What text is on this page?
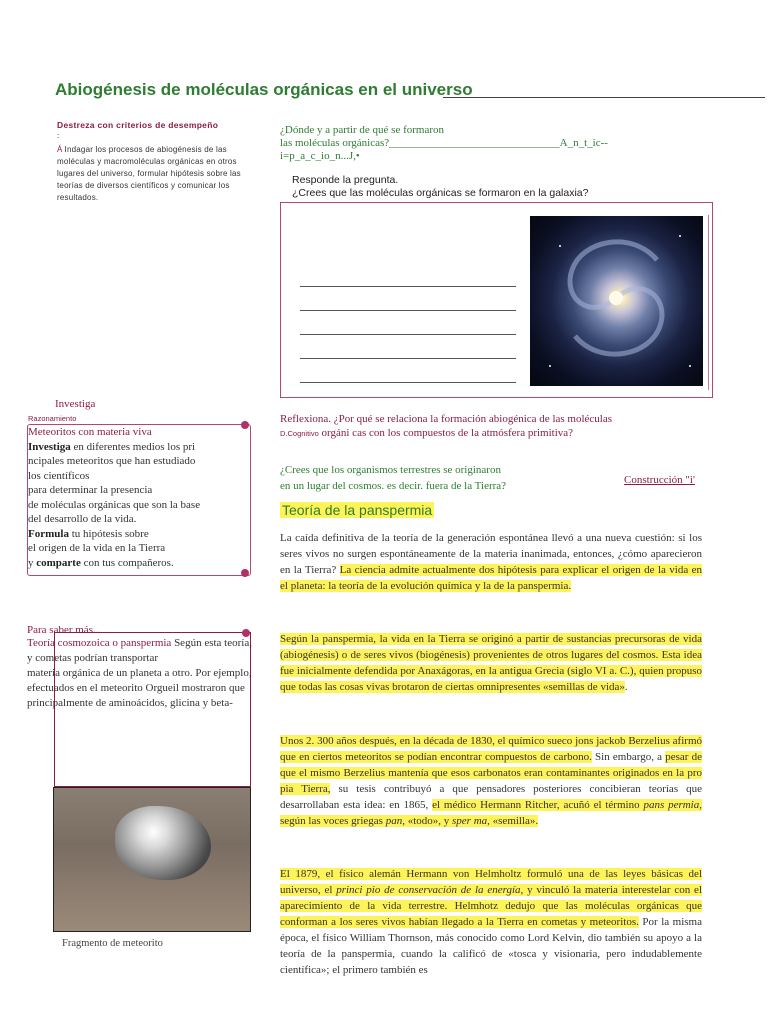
Abiogénesis de moléculas orgánicas en el universo
Destreza con criterios de desempeño
:
Á Indagar los procesos de abiogénesis de las moléculas y macromoléculas orgánicas en otros lugares del universo, formular hipótesis sobre las teorías de diversos científicos y comunicar los resultados.
¿Dónde y a partir de qué se formaron
las moléculas orgánicas?_______________________________A_n_t_ic--
i=p_a_c_io_n...J,•
Responde la pregunta.
¿Crees que las moléculas orgánicas se formaron en la galaxia?
Investiga
Razonamiento
Meteoritos con materia viva
Investiga en diferentes medios los pri
ncipales meteoritos que han estudiado
los científicos
para determinar la presencia
de moléculas orgánicas que son la base
del desarrollo de la vida.
Formula tu hipótesis sobre
el origen de la vida en la Tierra
y comparte con tus compañeros.
Reflexiona. ¿Por qué se relaciona la formación abiogénica de las moléculas
D.Cognitivo orgáni cas con los compuestos de la atmósfera primitiva?
¿Crees que los organismos terrestres se originaron
en un lugar del cosmos. es decir. fuera de la Tierra?	Construcción "i'
Teoría de la panspermia
La caída definitiva de la teoría de la generación espontánea llevó a una nueva cuestión: si los seres vivos no surgen espontáneamente de la materia inanimada, entonces, ¿cómo aparecieron en la Tierra? La ciencia admite actualmente dos hipótesis para explicar el origen de la vida en el planeta: la teoría de la evolución química y la de la panspermia.
Según la panspermia, la vida en la Tierra se originó a partir de sustancias precursoras de vida (abiogénesis) o de seres vivos (biogénesis) provenientes de otros lugares del cosmos. Esta idea fue inicialmente defendida por Anaxágoras, en la antigua Grecia (siglo VI a. C.), quien propuso que todas las cosas vivas brotaron de ciertas omnipresentes «semillas de vida».
Unos 2. 300 años después, en la década de 1830, el químico sueco jons jackob Berzelius afirmó que en ciertos meteoritos se podían encontrar compuestos de carbono. Sin embargo, a pesar de que el mismo Berzelius mantenía que esos carbonatos eran contaminantes originados en la pro pia Tierra, su tesis contribuyó a que pensadores posteriores concibieran teorías que desarrollaban esta idea: en 1865, el médico Hermann Ritcher, acuñó el término pans permia, según las voces griegas pan, «todo», y sper ma, «semilla».
El 1879, el físico alemán Hermann von Helmholtz formuló una de las leyes básicas del universo, el princi pio de conservación de la energía, y vinculó la materia interestelar con el aparecimiento de la vida terrestre. Helmhotz dedujo que las moléculas orgánicas que conforman a los seres vivos habían llegado a la Tierra en cometas y meteoritos. Por la misma época, el físico William Thornson, más conocido como Lord Kelvin, dio también su apoyo a la teoría de la panspermia, cuando la calificó de «tosca y visionaria, pero indudablemente científica»; el primero también es
Para saber más...
Teoría cosmozoica o panspermia Según esta teoría,
y cometas podrían transportar
materia orgánica de un planeta a otro. Por ejemplo,
efectuados en el meteorito Orgueil mostraron que
principalmente de aminoácidos, glicina y beta-
Fragmento de meteorito
